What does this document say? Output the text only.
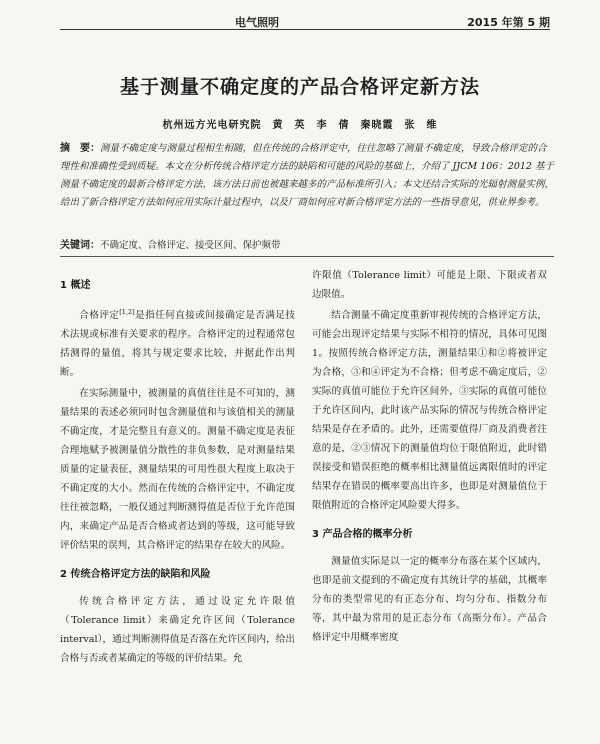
电气照明	2015 年第 5 期
基于测量不确定度的产品合格评定新方法
杭州远方光电研究院　黄　英　李　倩　秦晓霞　张　维
摘　要：测量不确定度与测量过程相生相随，但在传统的合格评定中，往往忽略了测量不确定度，导致合格评定的合理性和准确性受到质疑。本文在分析传统合格评定方法的缺陷和可能的风险的基础上，介绍了 JJCM 106：2012 基于测量不确定度的最新合格评定方法，该方法日前也被越来越多的产品标准所引入；本文还结合实际的光辐射测量实例，给出了新合格评定方法如何应用实际计量过程中，以及厂商如何应对新合格评定方法的一些指导意见，供业界参考。
关键词：不确定度、合格评定、接受区间、保护频带
1 概述

合格评定[1,2]是指任何直接或间接确定是否满足技术法规或标准有关要求的程序。合格评定的过程通常包括测得的量值，将其与规定要求比较，并据此作出判断。

在实际测量中，被测量的真值往往是不可知的，测量结果的表述必须同时包含测量值和与该值相关的测量不确定度，才是完整且有意义的。测量不确定度是表征合理地赋予被测量值分散性的非负参数，是对测量结果质量的定量表征，测量结果的可用性很大程度上取决于不确定度的大小。然而在传统的合格评定中，不确定度往往被忽略，一般仅通过判断测得值是否位于允许范围内，来确定产品是否合格或者达到的等级，这可能导致评价结果的误判，其合格评定的结果存在较大的风险。

2 传统合格评定方法的缺陷和风险

传统合格评定方法，通过设定允许限值（Tolerance limit）来确定允许区间（Tolerance interval），通过判断测得值是否落在允许区间内，给出合格与否或者某确定的等级的评价结果。允

许限值（Tolerance limit）可能是上限、下限或者双边限值。

结合测量不确定度重新审视传统的合格评定方法，可能会出现评定结果与实际不相符的情况，具体可见图 1。按照传统合格评定方法，测量结果①和②将被评定为合格，③和④评定为不合格；但考虑不确定度后，②实际的真值可能位于允许区间外，③实际的真值可能位于允许区间内，此时该产品实际的情况与传统合格评定结果是存在矛盾的。此外，还需要值得厂商及消费者注意的是，②③情况下的测量值均位于限值附近，此时错误接受和错误拒绝的概率相比测量值远离限值时的评定结果存在错误的概率要高出许多，也即是对测量值位于限值附近的合格评定风险要大得多。

3 产品合格的概率分析

测量值实际是以一定的概率分布落在某个区域内，也即是前文提到的不确定度有其统计学的基础，其概率分布的类型常见的有正态分布、均匀分布、指数分布等，其中最为常用的是正态分布（高斯分布）。产品合格评定中用概率密度
